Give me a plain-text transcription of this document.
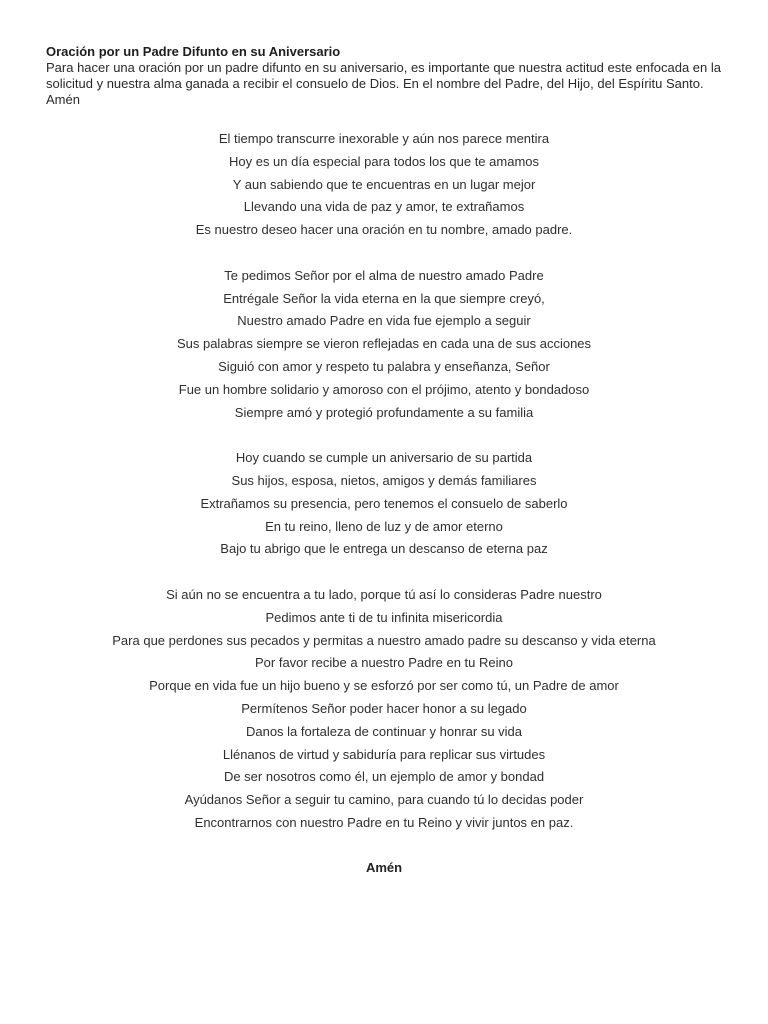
Oración por un Padre Difunto en su Aniversario

Para hacer una oración por un padre difunto en su aniversario, es importante que nuestra actitud este enfocada en la solicitud y nuestra alma ganada a recibir el consuelo de Dios. En el nombre del Padre, del Hijo, del Espíritu Santo. Amén

El tiempo transcurre inexorable y aún nos parece mentira
Hoy es un día especial para todos los que te amamos
Y aun sabiendo que te encuentras en un lugar mejor
Llevando una vida de paz y amor, te extrañamos
Es nuestro deseo hacer una oración en tu nombre, amado padre.
Te pedimos Señor por el alma de nuestro amado Padre
Entrégale Señor la vida eterna en la que siempre creyó,
Nuestro amado Padre en vida fue ejemplo a seguir
Sus palabras siempre se vieron reflejadas en cada una de sus acciones
Siguió con amor y respeto tu palabra y enseñanza, Señor
Fue un hombre solidario y amoroso con el prójimo, atento y bondadoso
Siempre amó y protegió profundamente a su familia
Hoy cuando se cumple un aniversario de su partida
Sus hijos, esposa, nietos, amigos y demás familiares
Extrañamos su presencia, pero tenemos el consuelo de saberlo
En tu reino, lleno de luz y de amor eterno
Bajo tu abrigo que le entrega un descanso de eterna paz
Si aún no se encuentra a tu lado, porque tú así lo consideras Padre nuestro
Pedimos ante ti de tu infinita misericordia
Para que perdones sus pecados y permitas a nuestro amado padre su descanso y vida eterna
Por favor recibe a nuestro Padre en tu Reino
Porque en vida fue un hijo bueno y se esforzó por ser como tú, un Padre de amor
Permítenos Señor poder hacer honor a su legado
Danos la fortaleza de continuar y honrar su vida
Llénanos de virtud y sabiduría para replicar sus virtudes
De ser nosotros como él, un ejemplo de amor y bondad
Ayúdanos Señor a seguir tu camino, para cuando tú lo decidas poder
Encontrarnos con nuestro Padre en tu Reino y vivir juntos en paz.
Amén
